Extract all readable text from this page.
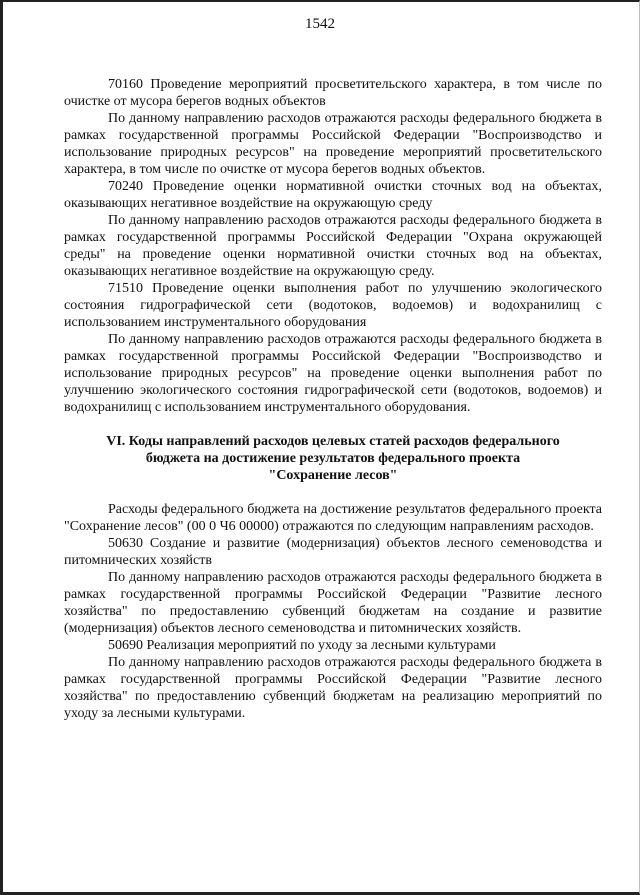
1542

70160 Проведение мероприятий просветительского характера, в том числе по очистке от мусора берегов водных объектов

По данному направлению расходов отражаются расходы федерального бюджета в рамках государственной программы Российской Федерации "Воспроизводство и использование природных ресурсов" на проведение мероприятий просветительского характера, в том числе по очистке от мусора берегов водных объектов.

70240 Проведение оценки нормативной очистки сточных вод на объектах, оказывающих негативное воздействие на окружающую среду

По данному направлению расходов отражаются расходы федерального бюджета в рамках государственной программы Российской Федерации "Охрана окружающей среды" на проведение оценки нормативной очистки сточных вод на объектах, оказывающих негативное воздействие на окружающую среду.

71510 Проведение оценки выполнения работ по улучшению экологического состояния гидрографической сети (водотоков, водоемов) и водохранилищ с использованием инструментального оборудования

По данному направлению расходов отражаются расходы федерального бюджета в рамках государственной программы Российской Федерации "Воспроизводство и использование природных ресурсов" на проведение оценки выполнения работ по улучшению экологического состояния гидрографической сети (водотоков, водоемов) и водохранилищ с использованием инструментального оборудования.

VI. Коды направлений расходов целевых статей расходов федерального
бюджета на достижение результатов федерального проекта
"Сохранение лесов"

Расходы федерального бюджета на достижение результатов федерального проекта "Сохранение лесов" (00 0 Ч6 00000) отражаются по следующим направлениям расходов.

50630 Создание и развитие (модернизация) объектов лесного семеноводства и питомнических хозяйств

По данному направлению расходов отражаются расходы федерального бюджета в рамках государственной программы Российской Федерации "Развитие лесного хозяйства" по предоставлению субвенций бюджетам на создание и развитие (модернизация) объектов лесного семеноводства и питомнических хозяйств.

50690 Реализация мероприятий по уходу за лесными культурами

По данному направлению расходов отражаются расходы федерального бюджета в рамках государственной программы Российской Федерации "Развитие лесного хозяйства" по предоставлению субвенций бюджетам на реализацию мероприятий по уходу за лесными культурами.
